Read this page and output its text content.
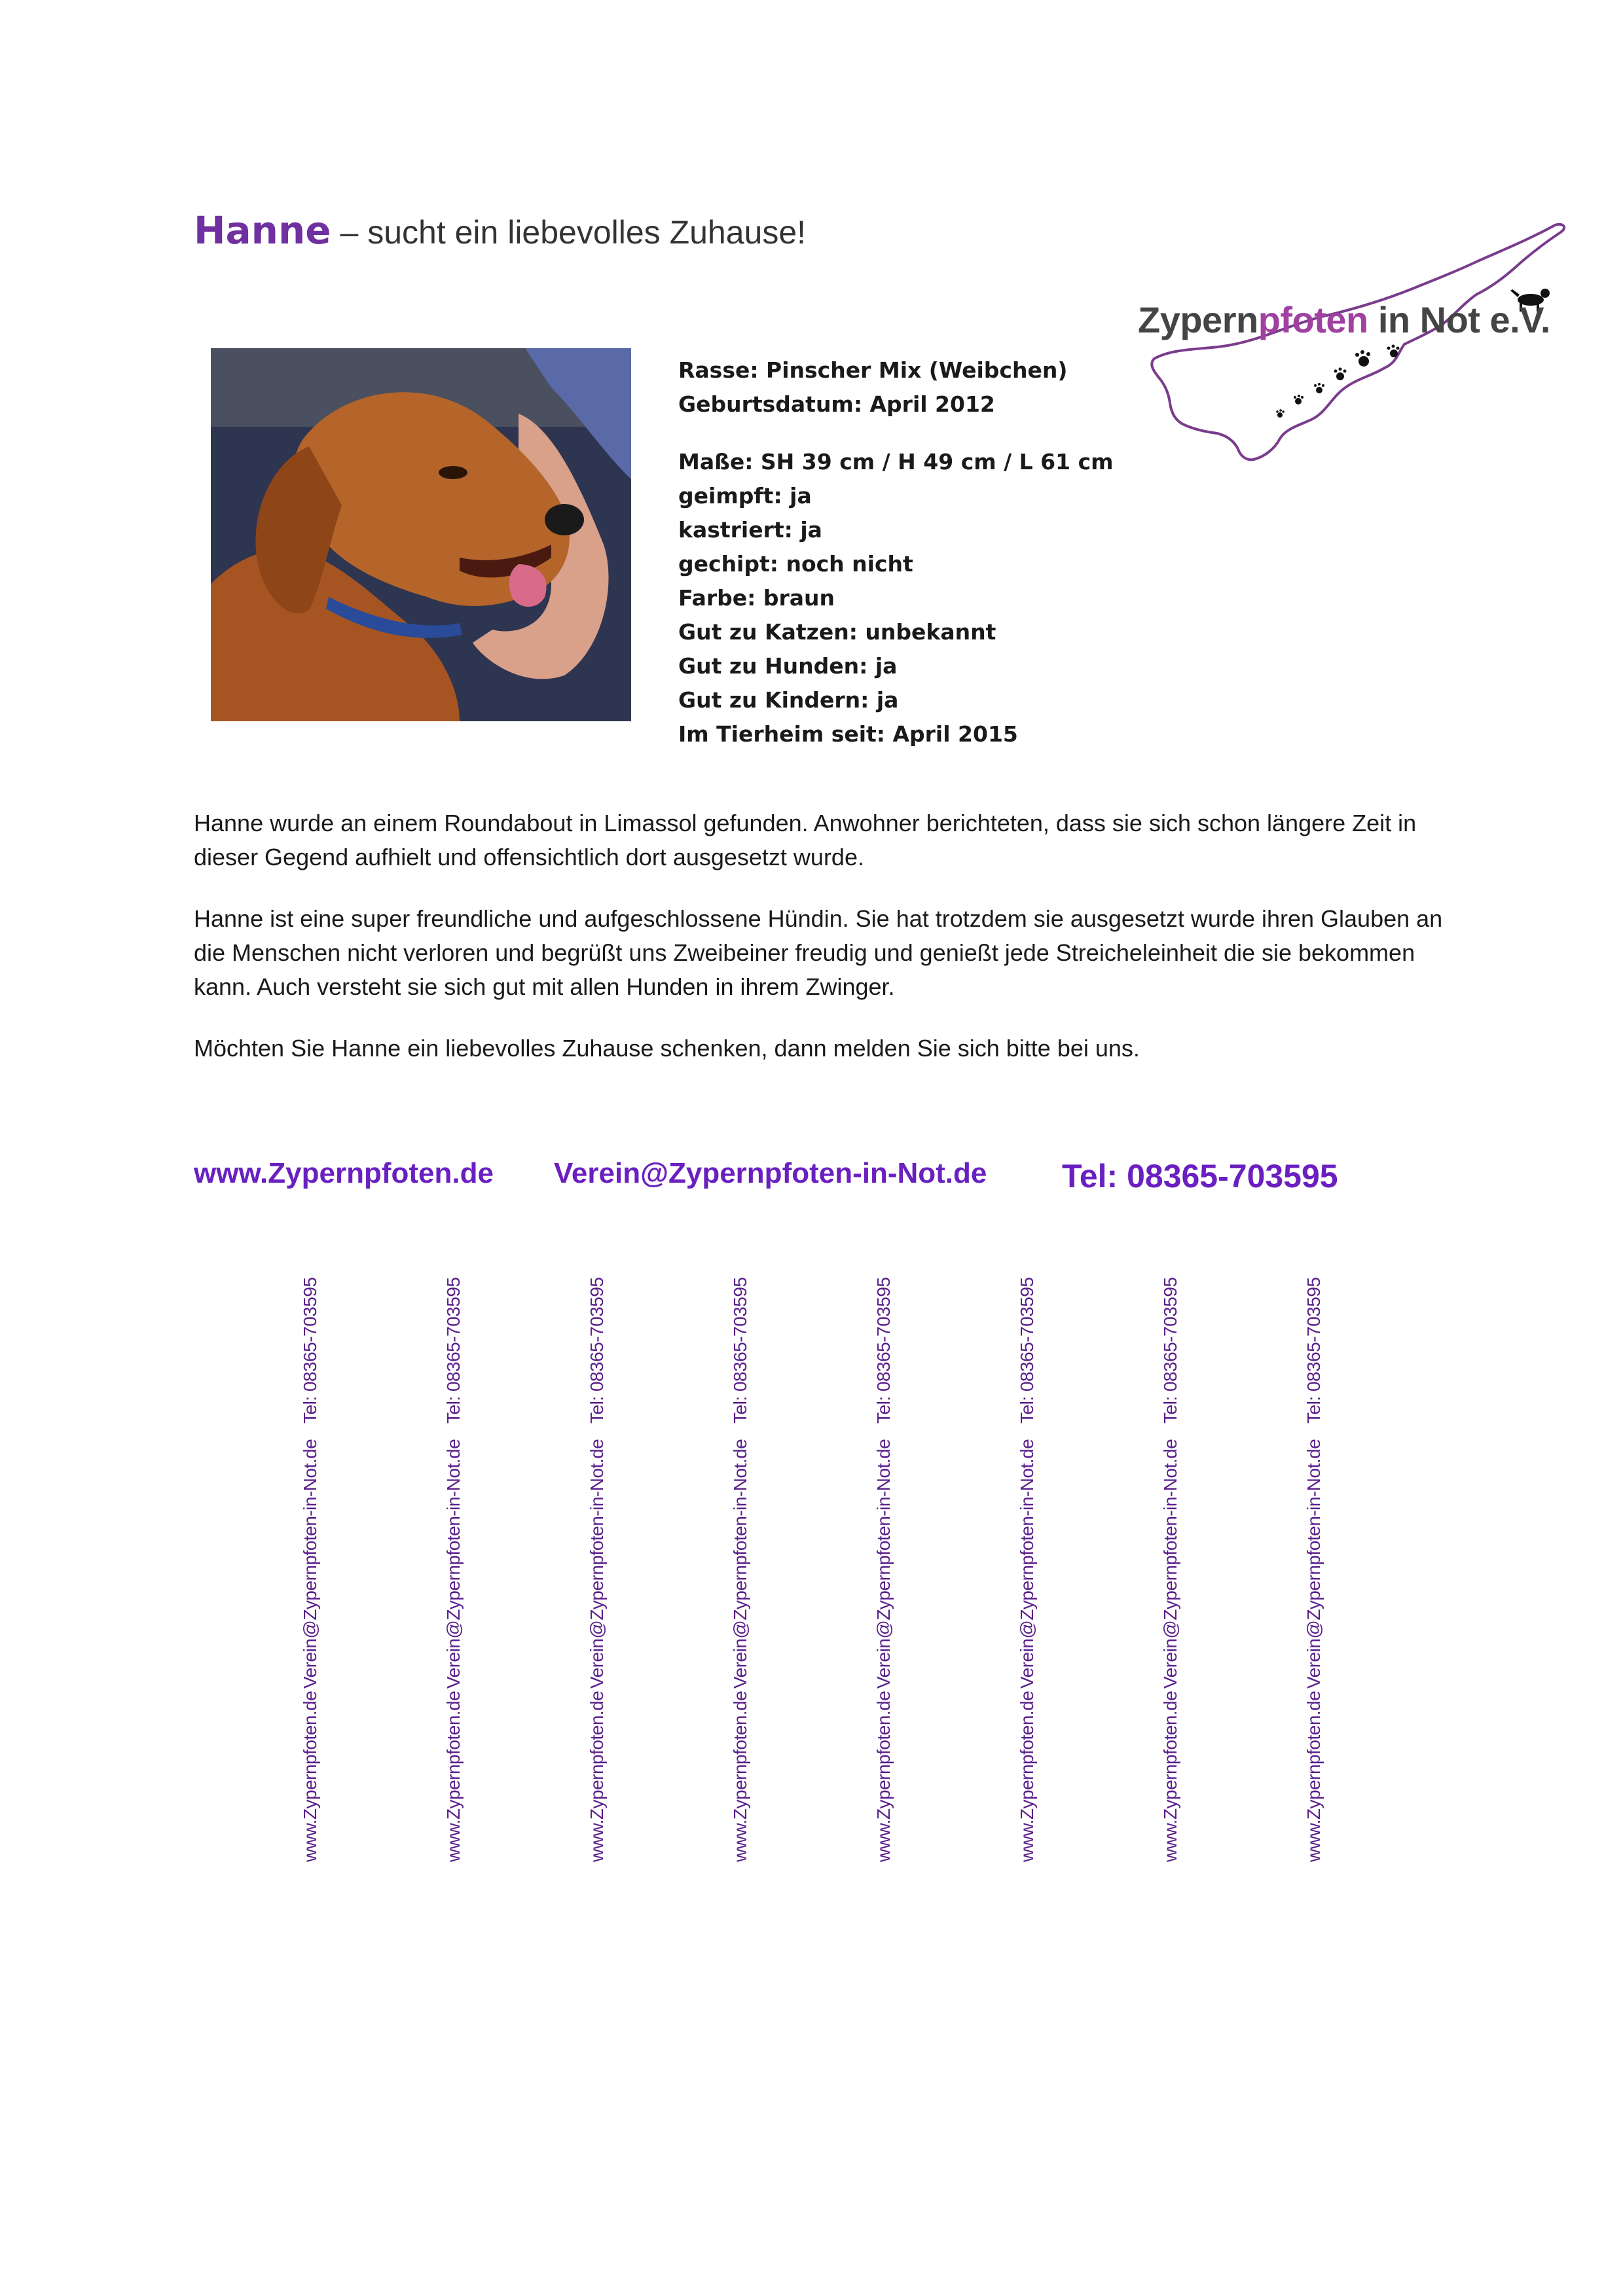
Hanne – sucht ein liebevolles Zuhause!
Zypernpfoten in Not e.V.
Rasse: Pinscher Mix (Weibchen)
Geburtsdatum: April 2012
Maße: SH 39 cm / H 49 cm / L 61 cm
geimpft: ja
kastriert: ja
gechipt: noch nicht
Farbe: braun
Gut zu Katzen: unbekannt
Gut zu Hunden: ja
Gut zu Kindern: ja
Im Tierheim seit: April 2015

Hanne wurde an einem Roundabout in Limassol gefunden. Anwohner berichteten, dass sie sich schon längere Zeit in dieser Gegend aufhielt und offensichtlich dort ausgesetzt wurde.

Hanne ist eine super freundliche und aufgeschlossene Hündin. Sie hat trotzdem sie ausgesetzt wurde ihren Glauben an die Menschen nicht verloren und begrüßt uns Zweibeiner freudig und genießt jede Streicheleinheit die sie bekommen kann. Auch versteht sie sich gut mit allen Hunden in ihrem Zwinger.

Möchten Sie Hanne ein liebevolles Zuhause schenken, dann melden Sie sich bitte bei uns.

www.Zypernpfoten.de Verein@Zypernpfoten-in-Not.de Tel: 08365-703595
www.Zypernpfoten.de
Verein@Zypernpfoten-in-Not.de
Tel: 08365-703595
www.Zypernpfoten.de
Verein@Zypernpfoten-in-Not.de
Tel: 08365-703595
www.Zypernpfoten.de
Verein@Zypernpfoten-in-Not.de
Tel: 08365-703595
www.Zypernpfoten.de
Verein@Zypernpfoten-in-Not.de
Tel: 08365-703595
www.Zypernpfoten.de
Verein@Zypernpfoten-in-Not.de
Tel: 08365-703595
www.Zypernpfoten.de
Verein@Zypernpfoten-in-Not.de
Tel: 08365-703595
www.Zypernpfoten.de
Verein@Zypernpfoten-in-Not.de
Tel: 08365-703595
www.Zypernpfoten.de
Verein@Zypernpfoten-in-Not.de
Tel: 08365-703595
